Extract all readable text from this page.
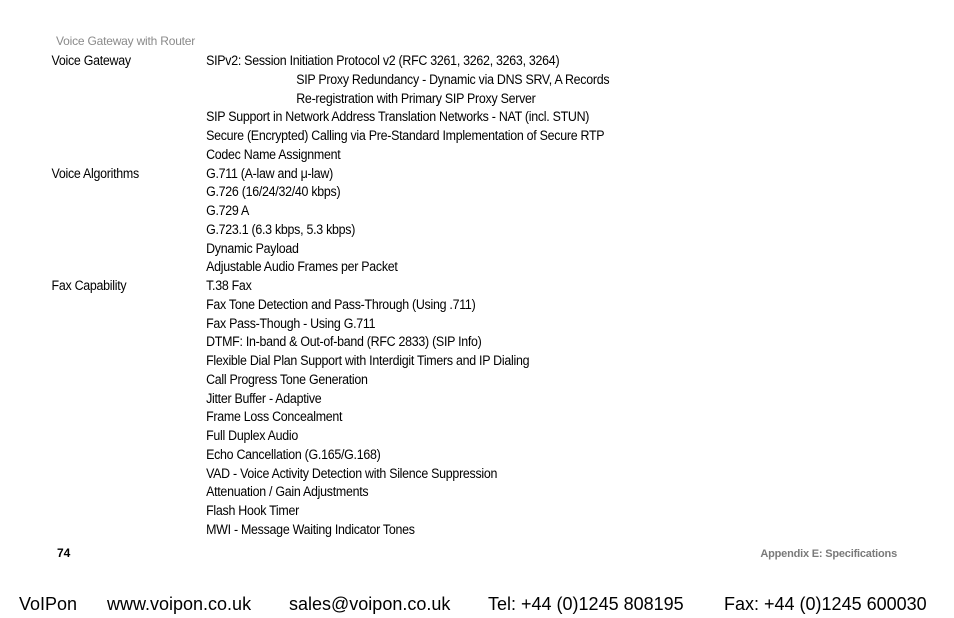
Voice Gateway with Router
Voice Gateway	SIPv2: Session Initiation Protocol v2 (RFC 3261, 3262, 3263, 3264)
SIP Proxy Redundancy - Dynamic via DNS SRV, A Records
Re-registration with Primary SIP Proxy Server
SIP Support in Network Address Translation Networks - NAT (incl. STUN)
Secure (Encrypted) Calling via Pre-Standard Implementation of Secure RTP
Codec Name Assignment
Voice Algorithms	G.711 (A-law and μ-law)
G.726 (16/24/32/40 kbps)
G.729 A
G.723.1 (6.3 kbps, 5.3 kbps)
Dynamic Payload
Adjustable Audio Frames per Packet
Fax Capability	T.38 Fax
Fax Tone Detection and Pass-Through (Using .711)
Fax Pass-Though - Using G.711
DTMF: In-band & Out-of-band (RFC 2833) (SIP Info)
Flexible Dial Plan Support with Interdigit Timers and IP Dialing
Call Progress Tone Generation
Jitter Buffer - Adaptive
Frame Loss Concealment
Full Duplex Audio
Echo Cancellation (G.165/G.168)
VAD - Voice Activity Detection with Silence Suppression
Attenuation / Gain Adjustments
Flash Hook Timer
MWI - Message Waiting Indicator Tones
74	Appendix E: Specifications
VoIPon www.voipon.co.uk sales@voipon.co.uk Tel: +44 (0)1245 808195 Fax: +44 (0)1245 600030
